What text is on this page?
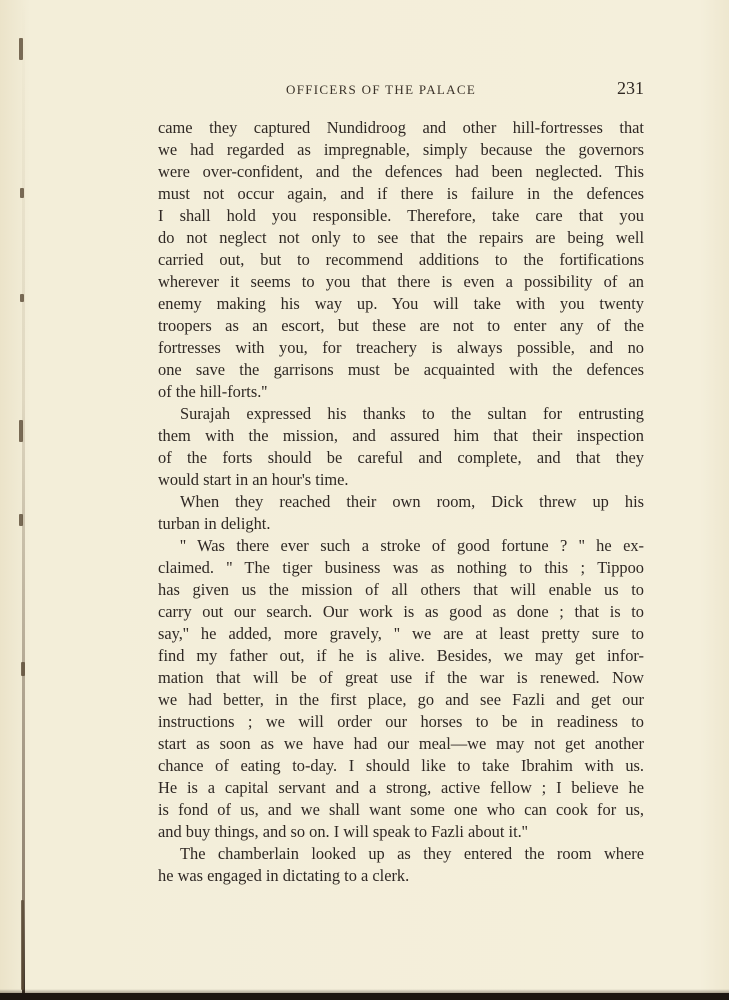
OFFICERS OF THE PALACE	231

came they captured Nundidroog and other hill-fortresses that

we had regarded as impregnable, simply because the governors

were over-confident, and the defences had been neglected. This

must not occur again, and if there is failure in the defences

I shall hold you responsible. Therefore, take care that you

do not neglect not only to see that the repairs are being well

carried out, but to recommend additions to the fortifications

wherever it seems to you that there is even a possibility of an

enemy making his way up. You will take with you twenty

troopers as an escort, but these are not to enter any of the

fortresses with you, for treachery is always possible, and no

one save the garrisons must be acquainted with the defences

of the hill-forts.''

Surajah expressed his thanks to the sultan for entrusting

them with the mission, and assured him that their inspection

of the forts should be careful and complete, and that they

would start in an hour's time.

When they reached their own room, Dick threw up his

turban in delight.

'' Was there ever such a stroke of good fortune ? '' he ex-

claimed. '' The tiger business was as nothing to this ; Tippoo

has given us the mission of all others that will enable us to

carry out our search. Our work is as good as done ; that is to

say,'' he added, more gravely, '' we are at least pretty sure to

find my father out, if he is alive. Besides, we may get infor-

mation that will be of great use if the war is renewed. Now

we had better, in the first place, go and see Fazli and get our

instructions ; we will order our horses to be in readiness to

start as soon as we have had our meal—we may not get another

chance of eating to-day. I should like to take Ibrahim with us.

He is a capital servant and a strong, active fellow ; I believe he

is fond of us, and we shall want some one who can cook for us,

and buy things, and so on. I will speak to Fazli about it.''

The chamberlain looked up as they entered the room where

he was engaged in dictating to a clerk.
